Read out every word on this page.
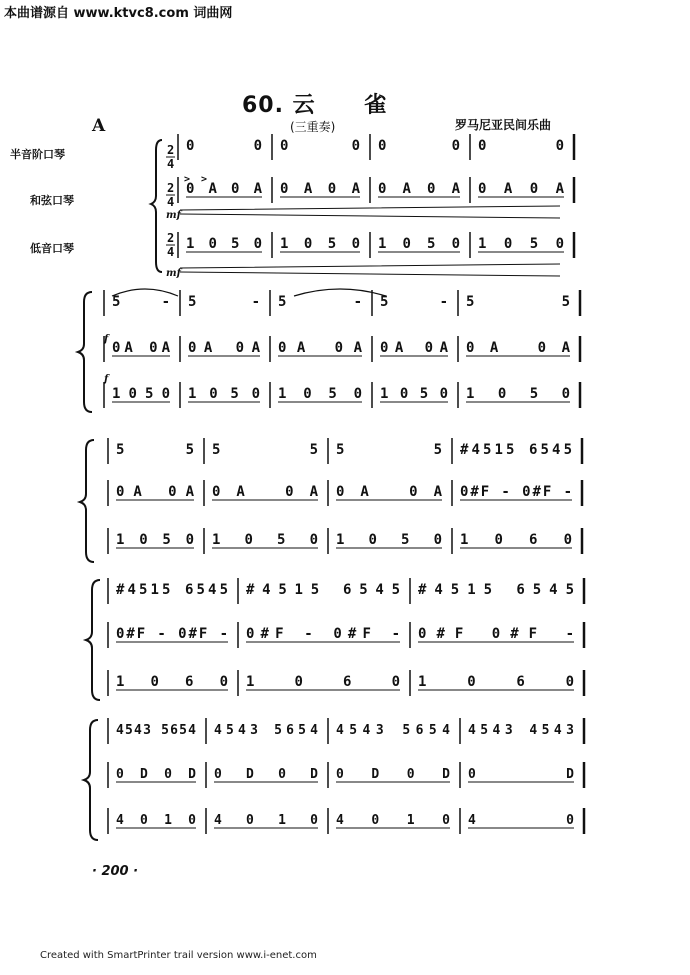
本曲谱源自 www.ktvc8.com 词曲网
60. 云 雀
(三重奏)	罗马尼亚民间乐曲
A
半音阶口琴
和弦口琴
低音口琴
mf
mf
f
f
2
4
2
4
2
4
> >
0 0 0 0 0 0 0 0
0 A 0 A 0 A 0 A 0 A 0 A 0 A 0 A
1 0 5 0 1 0 5 0 1 0 5 0 1 0 5 0
5 - 5 - 5 - 5 - 5 5
0A 0A 0A 0A 0A 0A 0A 0A 0A 0A
1 0 5 0 1 0 5 0 1 0 5 0 1 0 5 0 1 0 5 0
5 5 5 5 5 5 #4515 6545
0A 0A 0A 0A 0A 0A 0#F - 0#F -
1 0 5 0 1 0 5 0 1 0 5 0 1 0 6 0
#4515 6545 #4515 6545 #4515 6545
0#F - 0#F - 0#F - 0#F - 0#F 0#F -
1 0 6 0 1 0 6 0 1 0 6 0
4543 5654 4543 5654 4543 5654 4543 4543
0 D 0 D 0 D 0 D 0 D 0 D 0 D
4 0 1 0 4 0 1 0 4 0 1 0 4 0
· 200 ·
Created with SmartPrinter trail version www.i-enet.com
